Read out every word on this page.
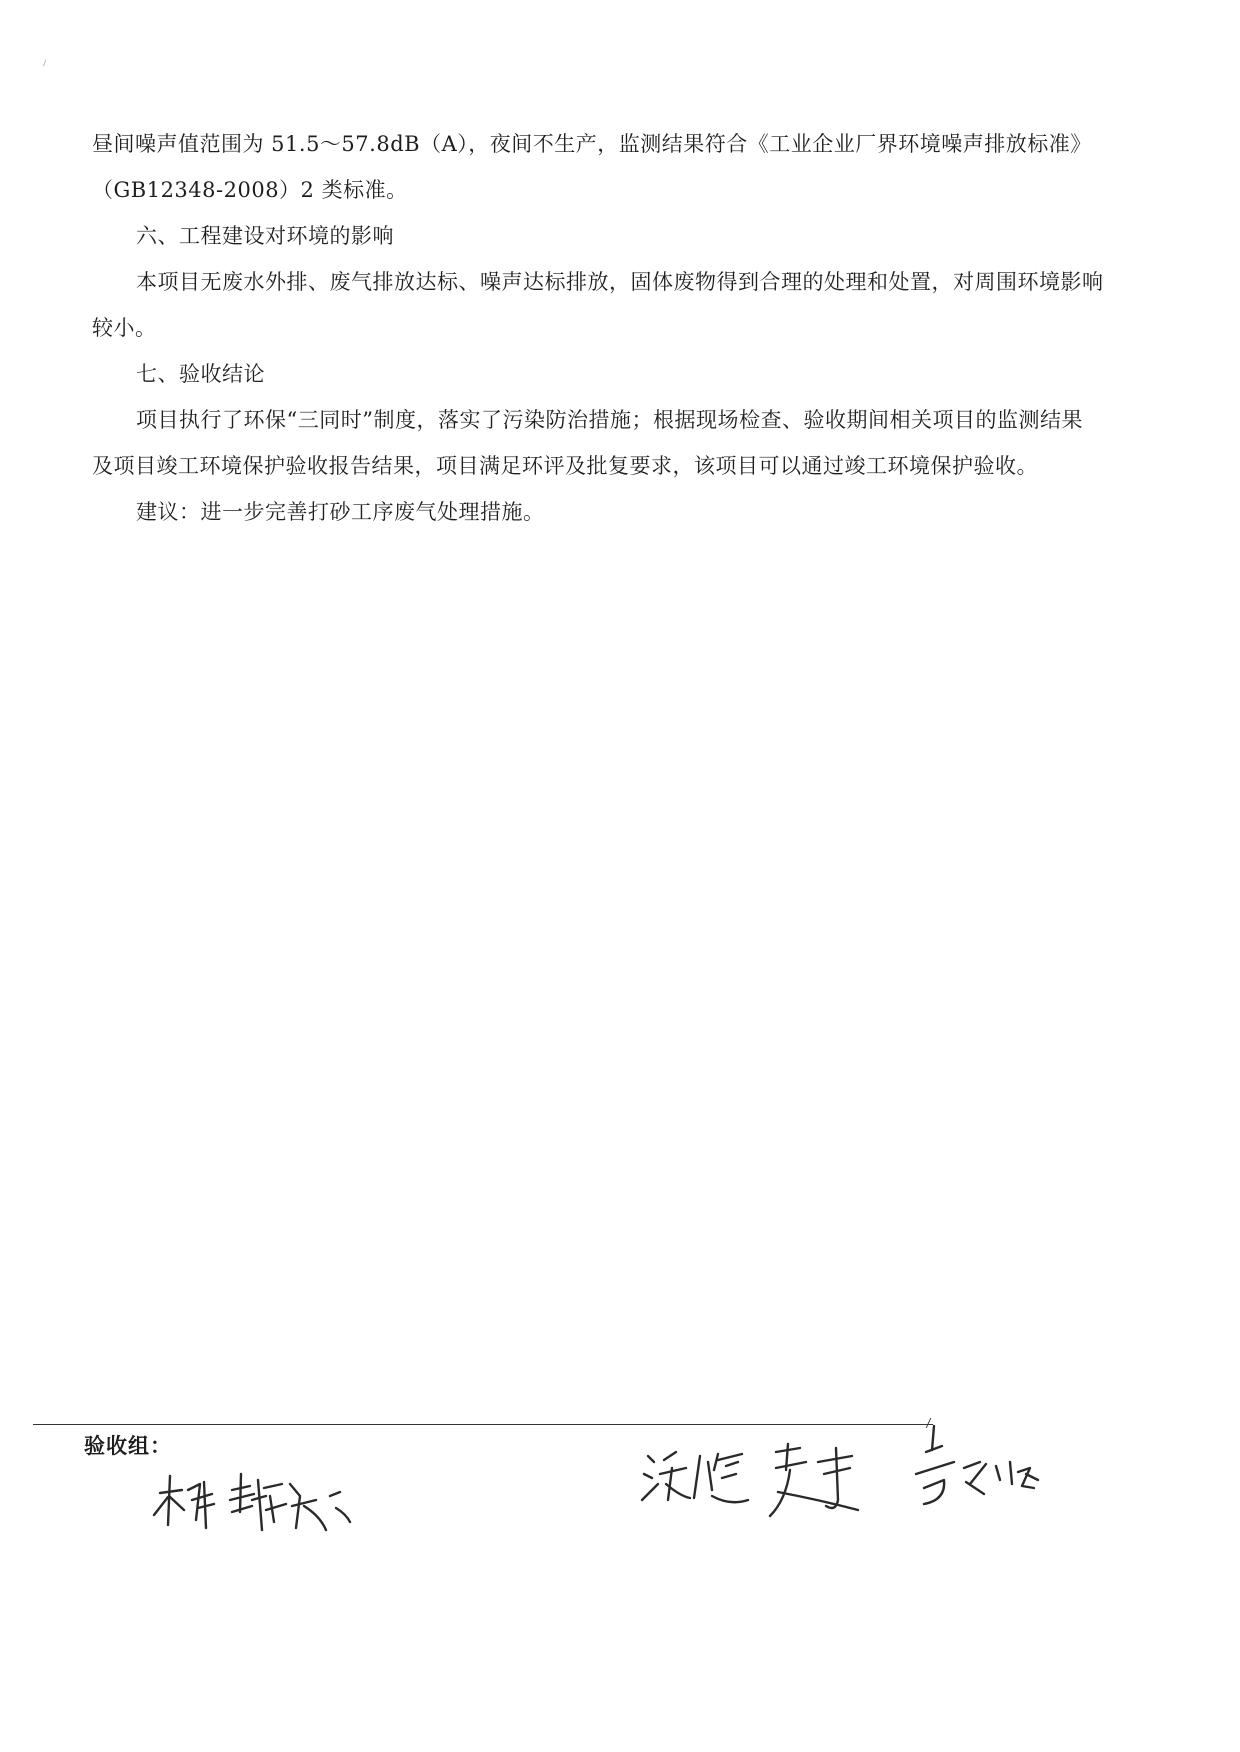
昼间噪声值范围为 51.5～57.8dB（A），夜间不生产，监测结果符合《工业企业厂界环境噪声排放标准》（GB12348-2008）2 类标准。

六、工程建设对环境的影响

本项目无废水外排、废气排放达标、噪声达标排放，固体废物得到合理的处理和处置，对周围环境影响较小。

七、验收结论

项目执行了环保“三同时”制度，落实了污染防治措施；根据现场检查、验收期间相关项目的监测结果及项目竣工环境保护验收报告结果，项目满足环评及批复要求，该项目可以通过竣工环境保护验收。

建议：进一步完善打砂工序废气处理措施。

验收组：
